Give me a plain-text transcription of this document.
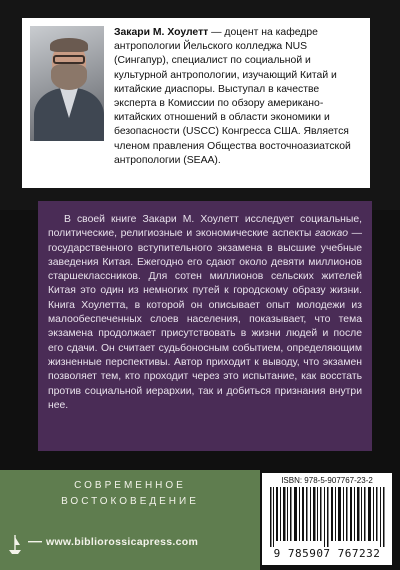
Закари М. Хоулетт — доцент на кафедре антропологии Йельского колледжа NUS (Сингапур), специалист по социальной и культурной антропологии, изучающий Китай и китайские диаспоры. Выступал в качестве эксперта в Комиссии по обзору американо-китайских отношений в области экономики и безопасности (USCC) Конгресса США. Является членом правления Общества восточноазиатской антропологии (SEAA).

В своей книге Закари М. Хоулетт исследует социальные, политические, религиозные и экономические аспекты гаокао —государственного вступительного экзамена в высшие учебные заведения Китая. Ежегодно его сдают около девяти миллионов старшеклассников. Для сотен миллионов сельских жителей Китая это один из немногих путей к городскому образу жизни. Книга Хоулетта, в которой он описывает опыт молодежи из малообеспеченных слоев населения, показывает, что тема экзамена продолжает присутствовать в жизни людей и после его сдачи. Он считает судьбоносным событием, определяющим жизненные перспективы. Автор приходит к выводу, что экзамен позволяет тем, кто проходит через это испытание, как восстать против социальной иерархии, так и добиться признания внутри нее.

СОВРЕМЕННОЕ
ВОСТОКОВЕДЕНИЕ
www.bibliorossicapress.com
ISBN: 978-5-907767-23-2
9 785907 767232
